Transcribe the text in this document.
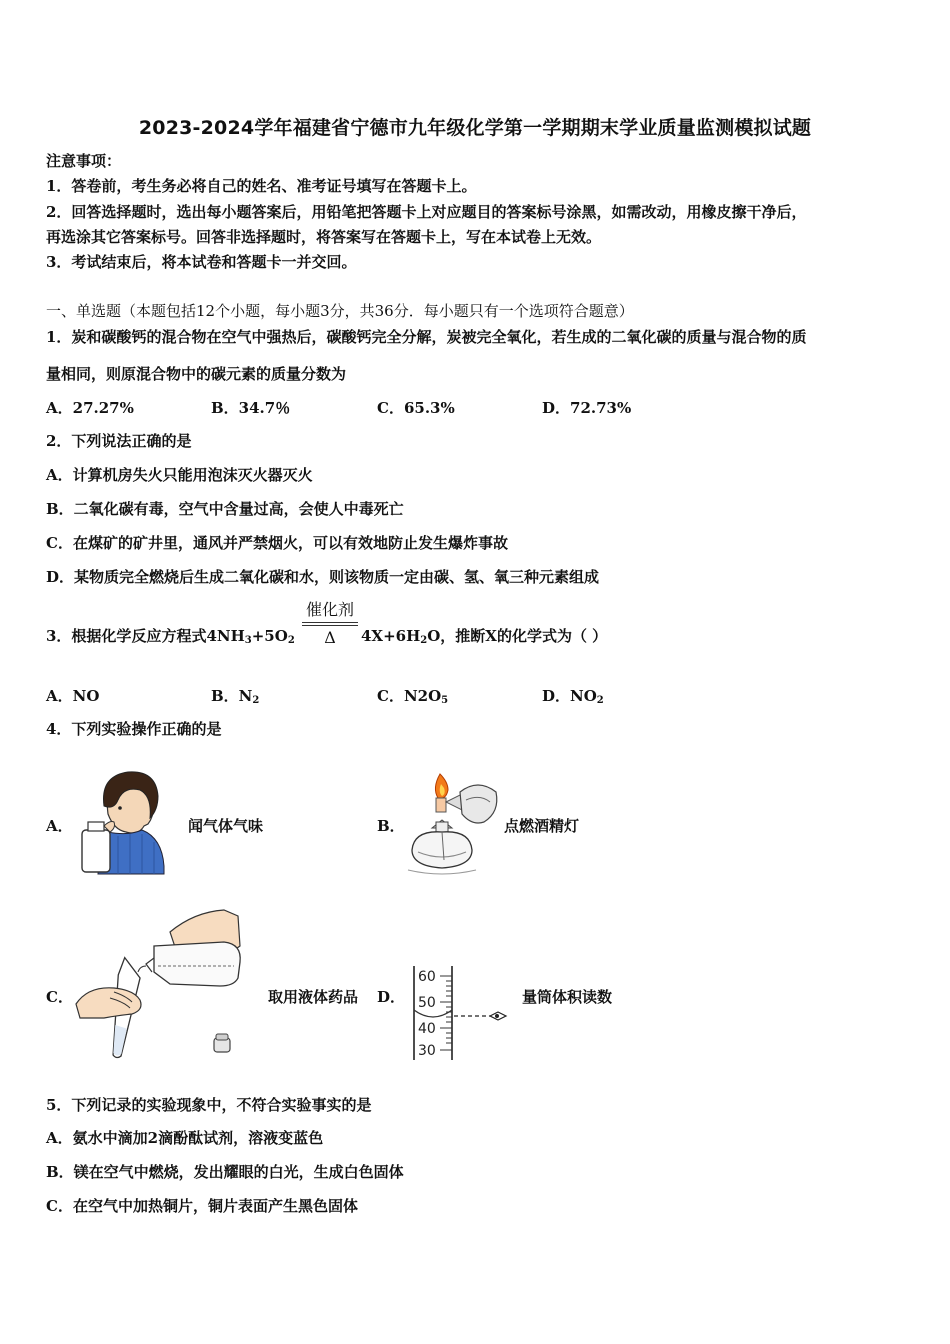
2023-2024学年福建省宁德市九年级化学第一学期期末学业质量监测模拟试题
注意事项：
1．答卷前，考生务必将自己的姓名、准考证号填写在答题卡上。
2．回答选择题时，选出每小题答案后，用铅笔把答题卡上对应题目的答案标号涂黑，如需改动，用橡皮擦干净后，
再选涂其它答案标号。回答非选择题时，将答案写在答题卡上，写在本试卷上无效。
3．考试结束后，将本试卷和答题卡一并交回。
一、单选题（本题包括12个小题，每小题3分，共36分．每小题只有一个选项符合题意）
1．炭和碳酸钙的混合物在空气中强热后，碳酸钙完全分解，炭被完全氧化，若生成的二氧化碳的质量与混合物的质
量相同，则原混合物中的碳元素的质量分数为
A．27.27%	B．34.7％	C．65.3%	D．72.73%
2．下列说法正确的是
A．计算机房失火只能用泡沫灭火器灭火
B．二氧化碳有毒，空气中含量过高，会使人中毒死亡
C．在煤矿的矿井里，通风并严禁烟火，可以有效地防止发生爆炸事故
D．某物质完全燃烧后生成二氧化碳和水，则该物质一定由碳、氢、氧三种元素组成
3．根据化学反应方程式$4NH_3+5O_2$
催化剂
Δ	$4X+6H_2O$，推断X的化学式为（ ）
A．NO	B．$N_2$	C．$N2O_5$	D．$NO_2$
4．下列实验操作正确的是
A．	闻气体气味	B．	点燃酒精灯
C．	取用液体药品 D．
60
50
40
30
量筒体积读数
5．下列记录的实验现象中，不符合实验事实的是
A．氨水中滴加2滴酚酞试剂，溶液变蓝色
B．镁在空气中燃烧，发出耀眼的白光，生成白色固体
C．在空气中加热铜片，铜片表面产生黑色固体
